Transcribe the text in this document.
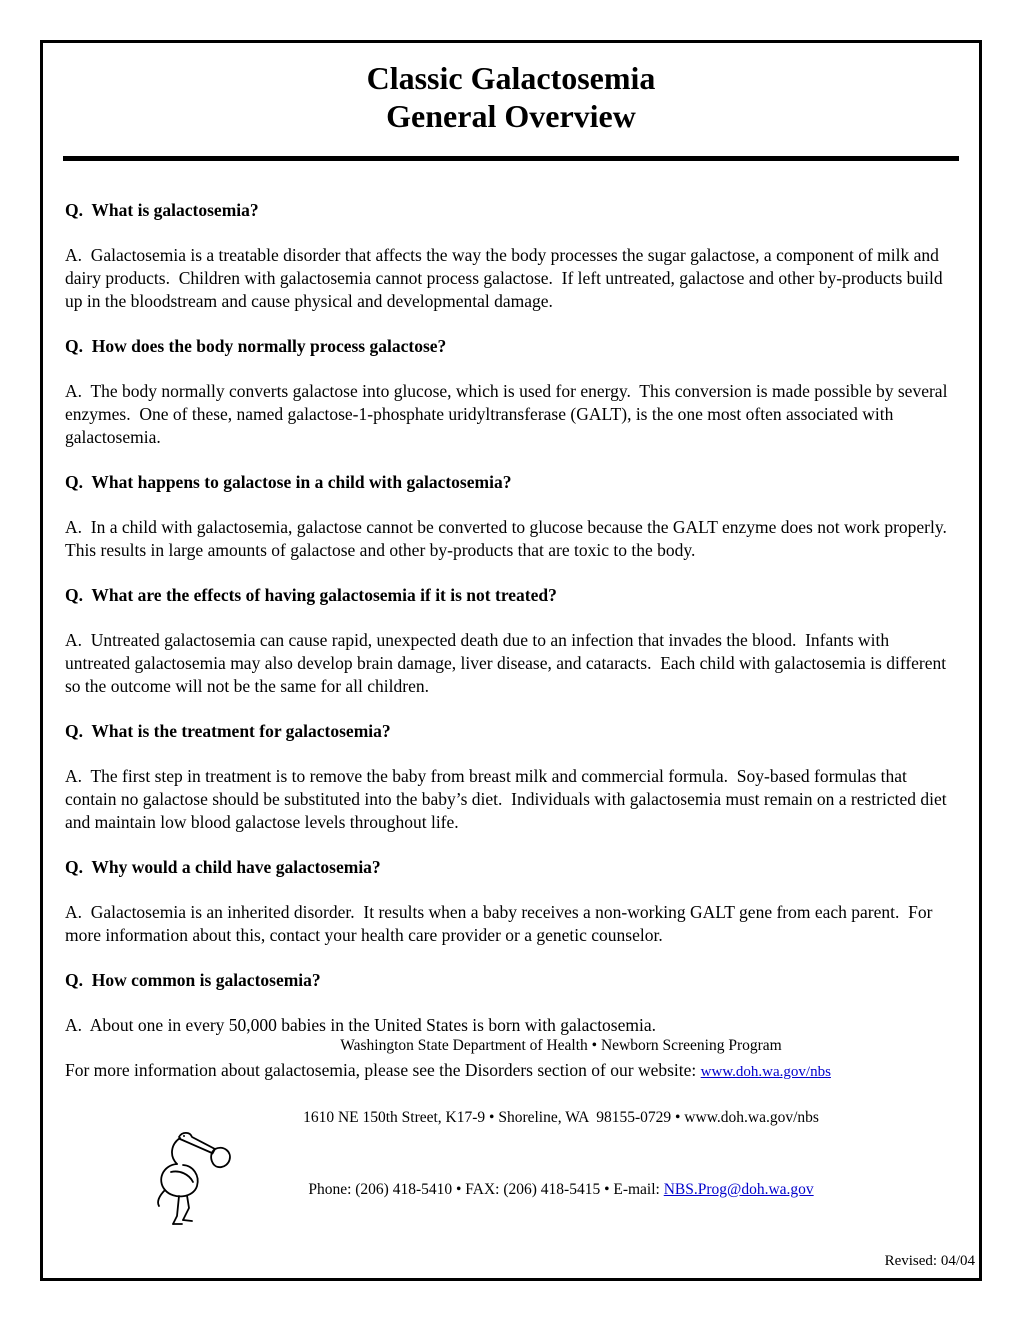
Classic Galactosemia
General Overview

Q.  What is galactosemia?

A.  Galactosemia is a treatable disorder that affects the way the body processes the sugar galactose, a component of milk and dairy products.  Children with galactosemia cannot process galactose.  If left untreated, galactose and other by-products build up in the bloodstream and cause physical and developmental damage.

Q.  How does the body normally process galactose?

A.  The body normally converts galactose into glucose, which is used for energy.  This conversion is made possible by several enzymes.  One of these, named galactose-1-phosphate uridyltransferase (GALT), is the one most often associated with galactosemia.

Q.  What happens to galactose in a child with galactosemia?

A.  In a child with galactosemia, galactose cannot be converted to glucose because the GALT enzyme does not work properly.  This results in large amounts of galactose and other by-products that are toxic to the body.

Q.  What are the effects of having galactosemia if it is not treated?

A.  Untreated galactosemia can cause rapid, unexpected death due to an infection that invades the blood.  Infants with untreated galactosemia may also develop brain damage, liver disease, and cataracts.  Each child with galactosemia is different so the outcome will not be the same for all children.

Q.  What is the treatment for galactosemia?

A.  The first step in treatment is to remove the baby from breast milk and commercial formula.  Soy-based formulas that contain no galactose should be substituted into the baby’s diet.  Individuals with galactosemia must remain on a restricted diet and maintain low blood galactose levels throughout life.

Q.  Why would a child have galactosemia?

A.  Galactosemia is an inherited disorder.  It results when a baby receives a non-working GALT gene from each parent.  For more information about this, contact your health care provider or a genetic counselor.

Q.  How common is galactosemia?

A.  About one in every 50,000 babies in the United States is born with galactosemia.

For more information about galactosemia, please see the Disorders section of our website: www.doh.wa.gov/nbs

Washington State Department of Health • Newborn Screening Program

1610 NE 150th Street, K17-9 • Shoreline, WA  98155-0729 • www.doh.wa.gov/nbs

Phone: (206) 418-5410 • FAX: (206) 418-5415 • E-mail: NBS.Prog@doh.wa.gov

Revised: 04/04
